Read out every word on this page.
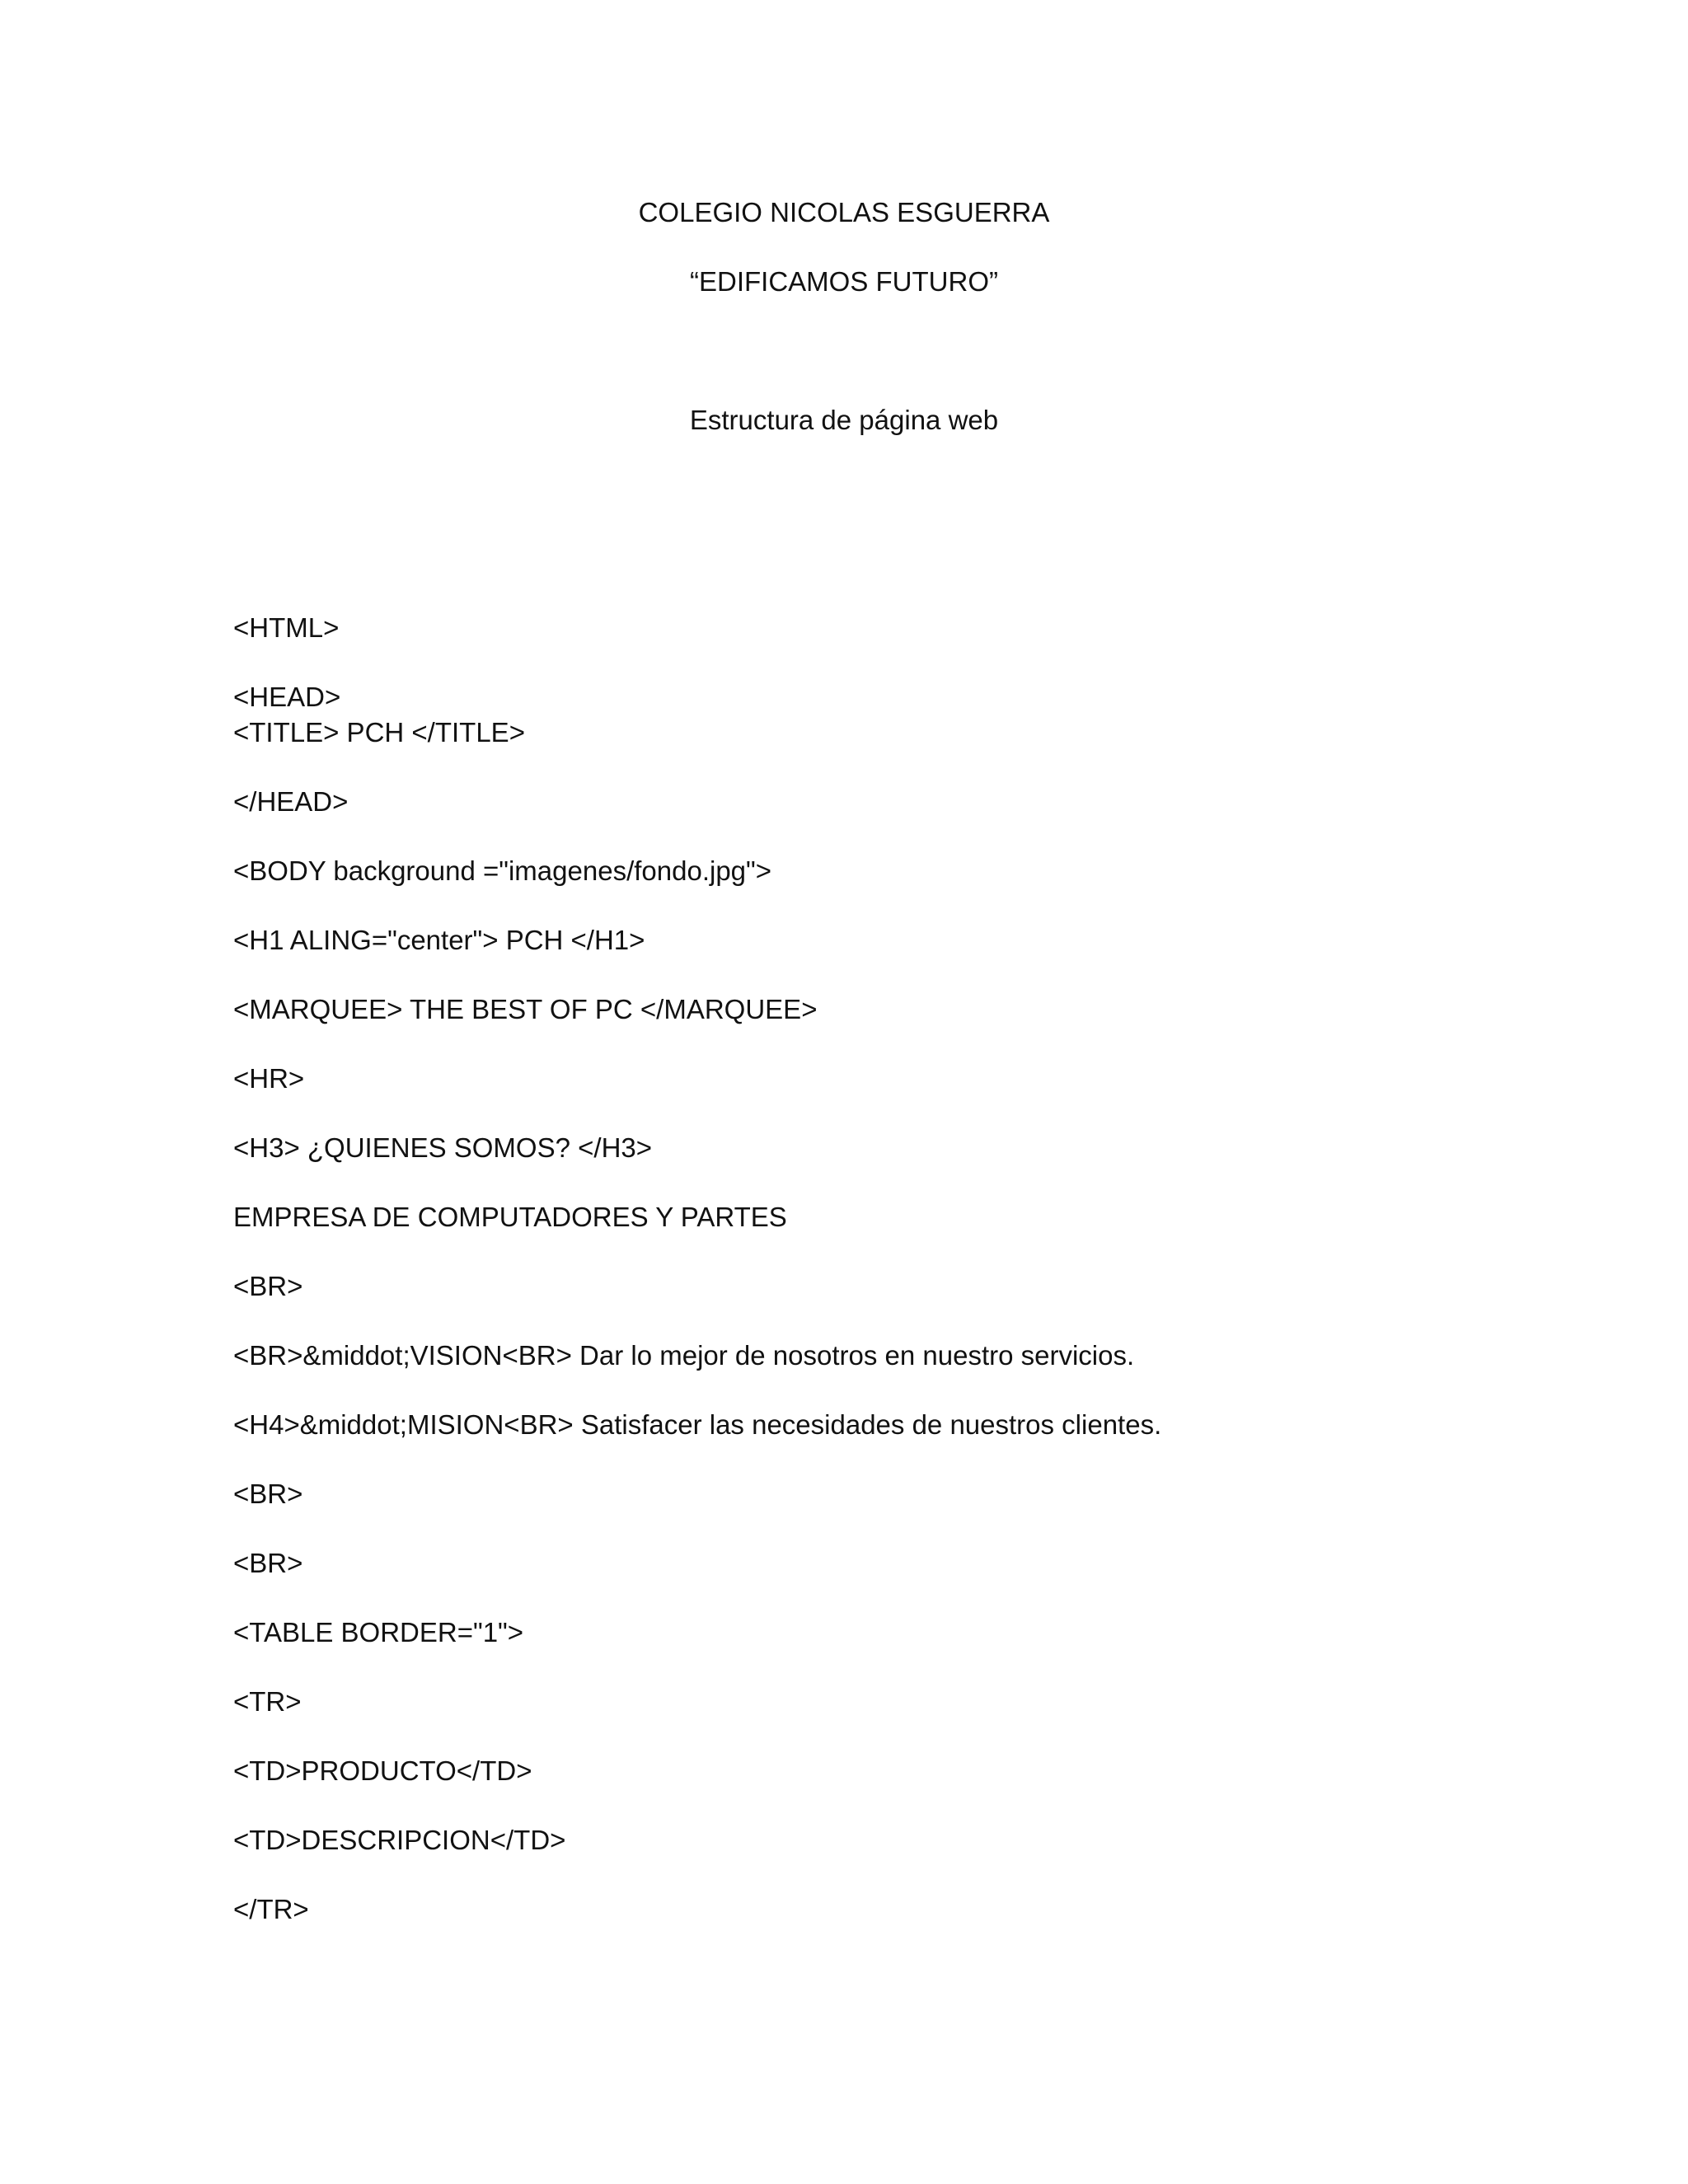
COLEGIO NICOLAS ESGUERRA
“EDIFICAMOS FUTURO”
Estructura de página web
<HTML>
<HEAD>
<TITLE> PCH </TITLE>
</HEAD>
<BODY background ="imagenes/fondo.jpg">
<H1 ALING="center"> PCH </H1>
<MARQUEE> THE BEST OF PC </MARQUEE>
<HR>
<H3> ¿QUIENES SOMOS? </H3>
EMPRESA DE COMPUTADORES Y PARTES
<BR>
<BR>&middot;VISION<BR> Dar lo mejor de nosotros en nuestro servicios.
<H4>&middot;MISION<BR> Satisfacer las necesidades de nuestros clientes.
<BR>
<BR>
<TABLE BORDER="1">
<TR>
<TD>PRODUCTO</TD>
<TD>DESCRIPCION</TD>
</TR>
